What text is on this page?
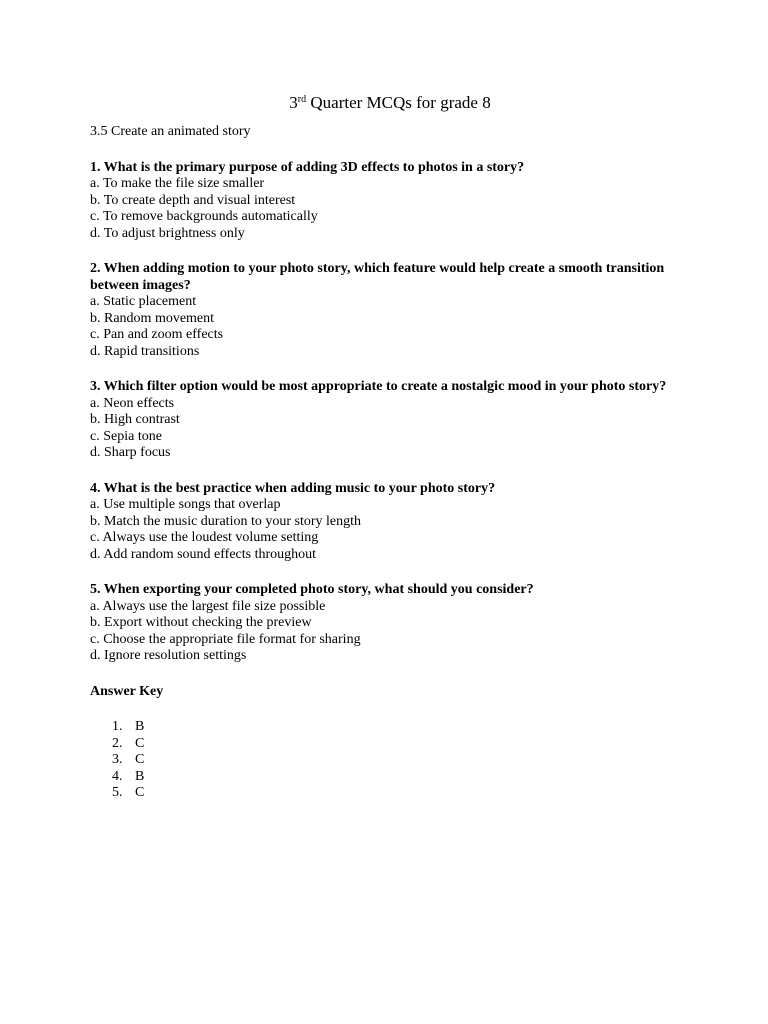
3rd Quarter MCQs for grade 8

3.5 Create an animated story

1. What is the primary purpose of adding 3D effects to photos in a story?

a. To make the file size smaller

b. To create depth and visual interest

c. To remove backgrounds automatically

d. To adjust brightness only

2. When adding motion to your photo story, which feature would help create a smooth transition between images?

a. Static placement

b. Random movement

c. Pan and zoom effects

d. Rapid transitions

3. Which filter option would be most appropriate to create a nostalgic mood in your photo story?

a. Neon effects

b. High contrast

c. Sepia tone

d. Sharp focus

4. What is the best practice when adding music to your photo story?

a. Use multiple songs that overlap

b. Match the music duration to your story length

c. Always use the loudest volume setting

d. Add random sound effects throughout

5. When exporting your completed photo story, what should you consider?

a. Always use the largest file size possible

b. Export without checking the preview

c. Choose the appropriate file format for sharing

d. Ignore resolution settings

Answer Key

1. B
2. C
3. C
4. B
5. C
